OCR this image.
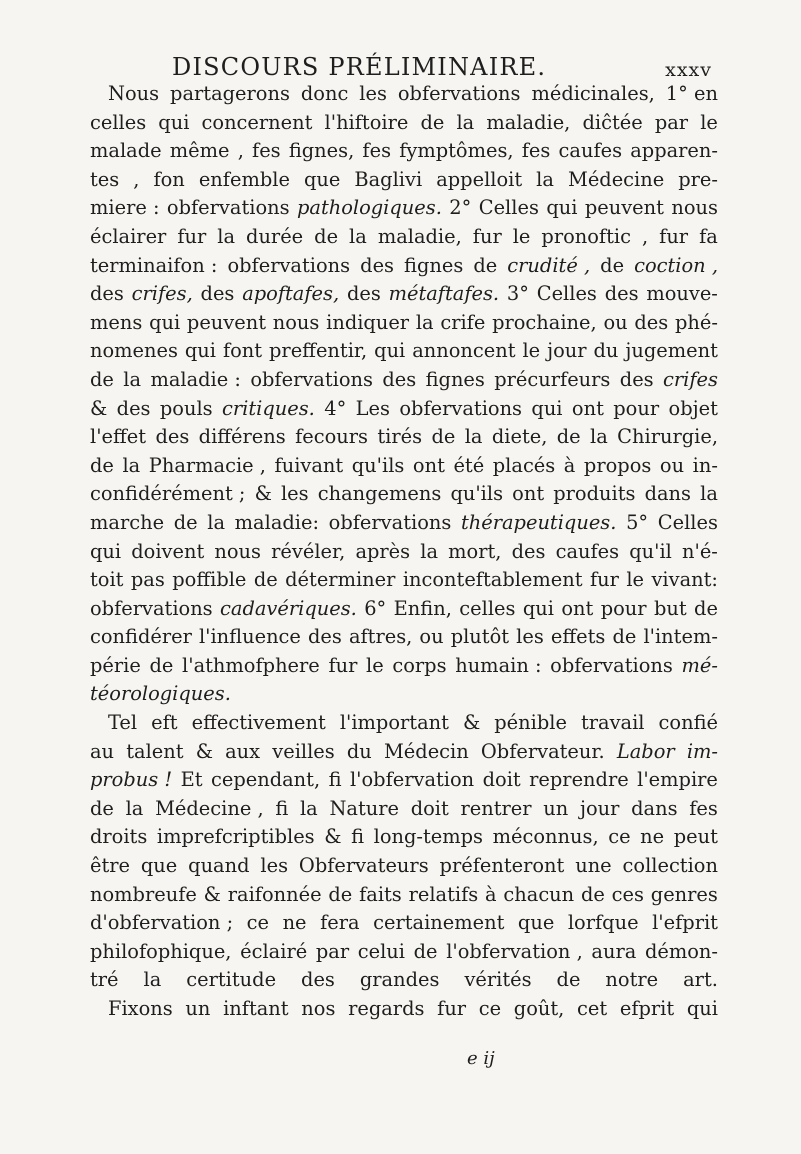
DISCOURS PRÉLIMINAIRE.	xxxv
Nous partagerons donc les obfervations médicinales, 1° en
celles qui concernent l'hiftoire de la maladie, diĉtée par le
malade même , fes fignes, fes fymptômes, fes caufes apparen-
tes , fon enfemble que Baglivi appelloit la Médecine pre-
miere : obfervations pathologiques. 2° Celles qui peuvent nous
éclairer fur la durée de la maladie, fur le pronoftic , fur fa
terminaifon : obfervations des fignes de crudité , de coction ,
des crifes, des apoftafes, des métaftafes. 3° Celles des mouve-
mens qui peuvent nous indiquer la crife prochaine, ou des phé-
nomenes qui font preffentir, qui annoncent le jour du jugement
de la maladie : obfervations des fignes précurfeurs des crifes
& des pouls critiques. 4° Les obfervations qui ont pour objet
l'effet des différens fecours tirés de la diete, de la Chirurgie,
de la Pharmacie , fuivant qu'ils ont été placés à propos ou in-
confidérément ; & les changemens qu'ils ont produits dans la
marche de la maladie: obfervations thérapeutiques. 5° Celles
qui doivent nous révéler, après la mort, des caufes qu'il n'é-
toit pas poffible de déterminer inconteftablement fur le vivant:
obfervations cadavériques. 6° Enfin, celles qui ont pour but de
confidérer l'influence des aftres, ou plutôt les effets de l'intem-
périe de l'athmofphere fur le corps humain : obfervations mé-
téorologiques.
Tel eft effectivement l'important & pénible travail confié
au talent & aux veilles du Médecin Obfervateur. Labor im-
probus ! Et cependant, fi l'obfervation doit reprendre l'empire
de la Médecine , fi la Nature doit rentrer un jour dans fes
droits imprefcriptibles & fi long-temps méconnus, ce ne peut
être que quand les Obfervateurs préfenteront une collection
nombreufe & raifonnée de faits relatifs à chacun de ces genres
d'obfervation ; ce ne fera certainement que lorfque l'efprit
philofophique, éclairé par celui de l'obfervation , aura démon-
tré la certitude des grandes vérités de notre art.
Fixons un inftant nos regards fur ce goût, cet efprit qui
e ij
